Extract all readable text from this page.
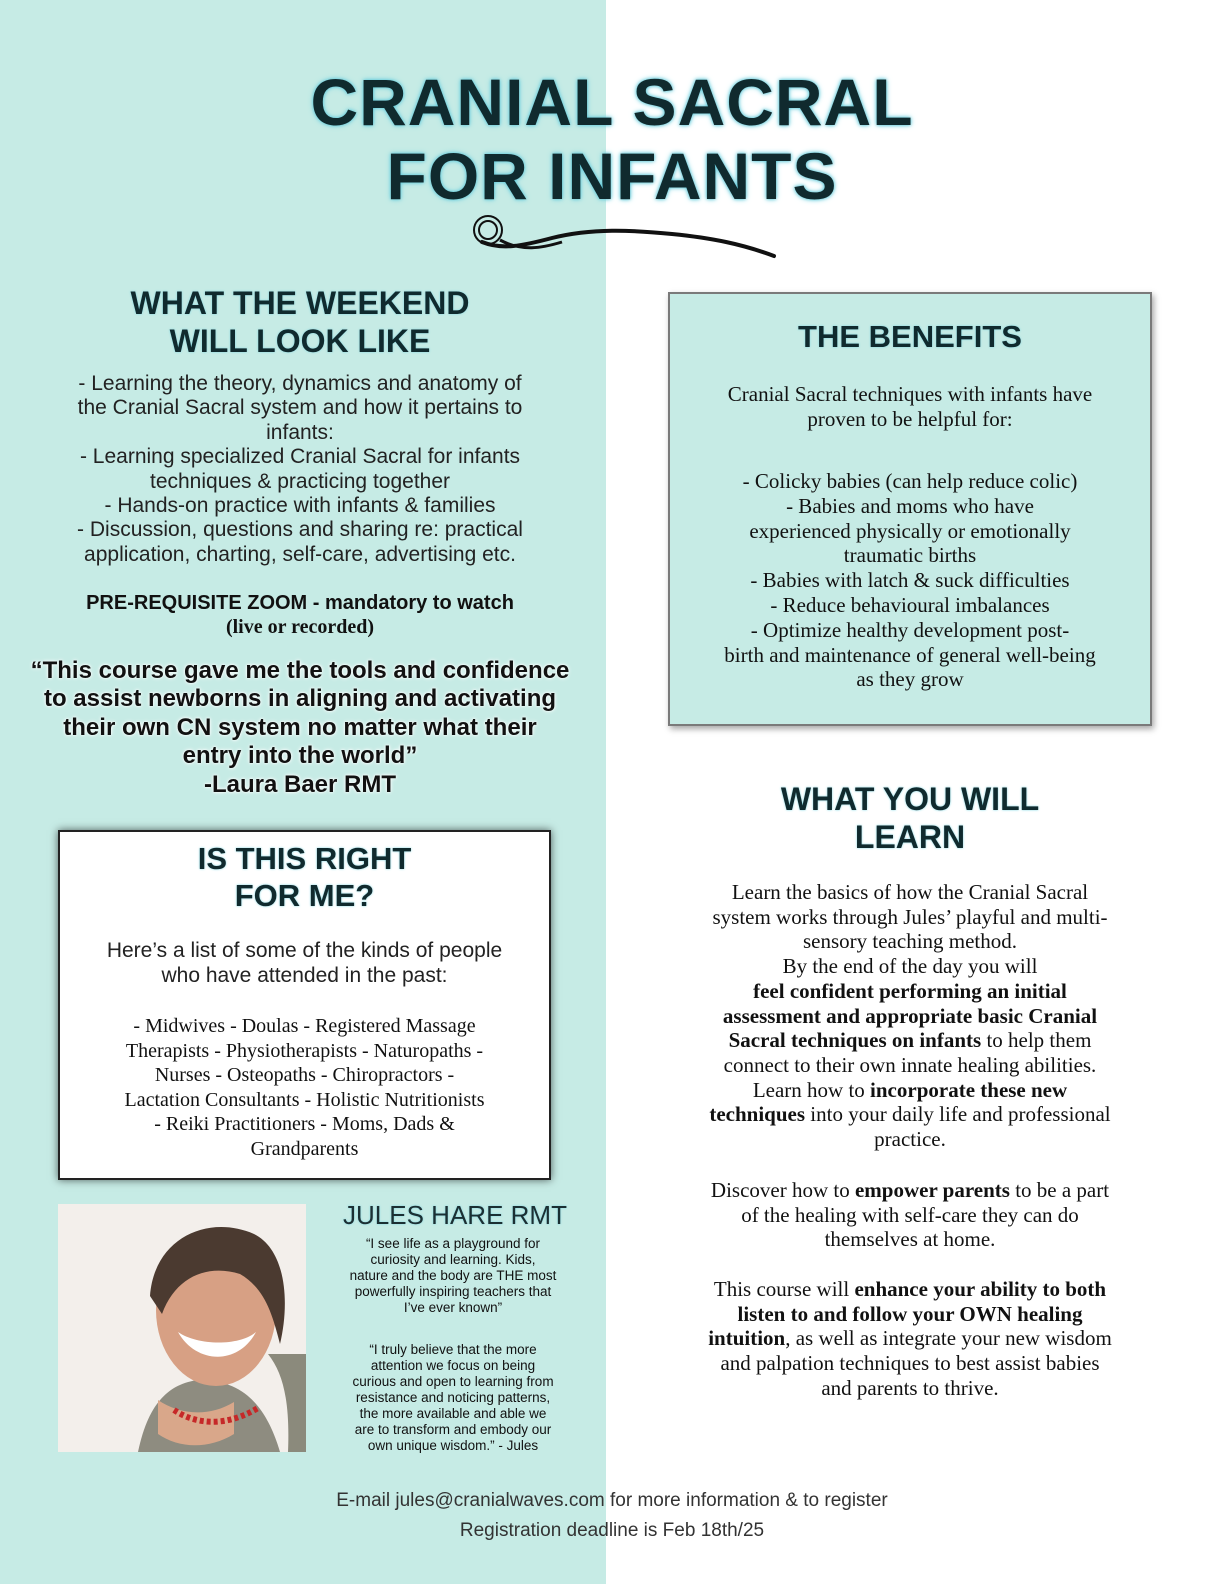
CRANIAL SACRAL
FOR INFANTS
WHAT THE WEEKEND
WILL LOOK LIKE
- Learning the theory, dynamics and anatomy of
the Cranial Sacral system and how it pertains to
infants:
- Learning specialized Cranial Sacral for infants
techniques & practicing together
- Hands-on practice with infants & families
- Discussion, questions and sharing re: practical
application, charting, self-care, advertising etc.
PRE-REQUISITE ZOOM - mandatory to watch
(live or recorded)
“This course gave me the tools and confidence
to assist newborns in aligning and activating
their own CN system no matter what their
entry into the world”
-Laura Baer RMT
IS THIS RIGHT
FOR ME?
Here’s a list of some of the kinds of people
who have attended in the past:
- Midwives - Doulas - Registered Massage
Therapists - Physiotherapists - Naturopaths -
Nurses - Osteopaths - Chiropractors -
Lactation Consultants - Holistic Nutritionists
- Reiki Practitioners - Moms, Dads &
Grandparents
JULES HARE RMT
“I see life as a playground for
curiosity and learning. Kids,
nature and the body are THE most
powerfully inspiring teachers that
I’ve ever known”
“I truly believe that the more
attention we focus on being
curious and open to learning from
resistance and noticing patterns,
the more available and able we
are to transform and embody our
own unique wisdom.” - Jules
THE BENEFITS
Cranial Sacral techniques with infants have
proven to be helpful for:
- Colicky babies (can help reduce colic)
- Babies and moms who have
experienced physically or emotionally
traumatic births
- Babies with latch & suck difficulties
- Reduce behavioural imbalances
- Optimize healthy development post-
birth and maintenance of general well-being
as they grow
WHAT YOU WILL
LEARN
Learn the basics of how the Cranial Sacral
system works through Jules’ playful and multi-
sensory teaching method.
By the end of the day you will
feel confident performing an initial
assessment and appropriate basic Cranial
Sacral techniques on infants to help them
connect to their own innate healing abilities.
Learn how to incorporate these new
techniques into your daily life and professional
practice.
Discover how to empower parents to be a part
of the healing with self-care they can do
themselves at home.
This course will enhance your ability to both
listen to and follow your OWN healing
intuition, as well as integrate your new wisdom
and palpation techniques to best assist babies
and parents to thrive.
E-mail jules@cranialwaves.com for more information & to register
Registration deadline is Feb 18th/25
